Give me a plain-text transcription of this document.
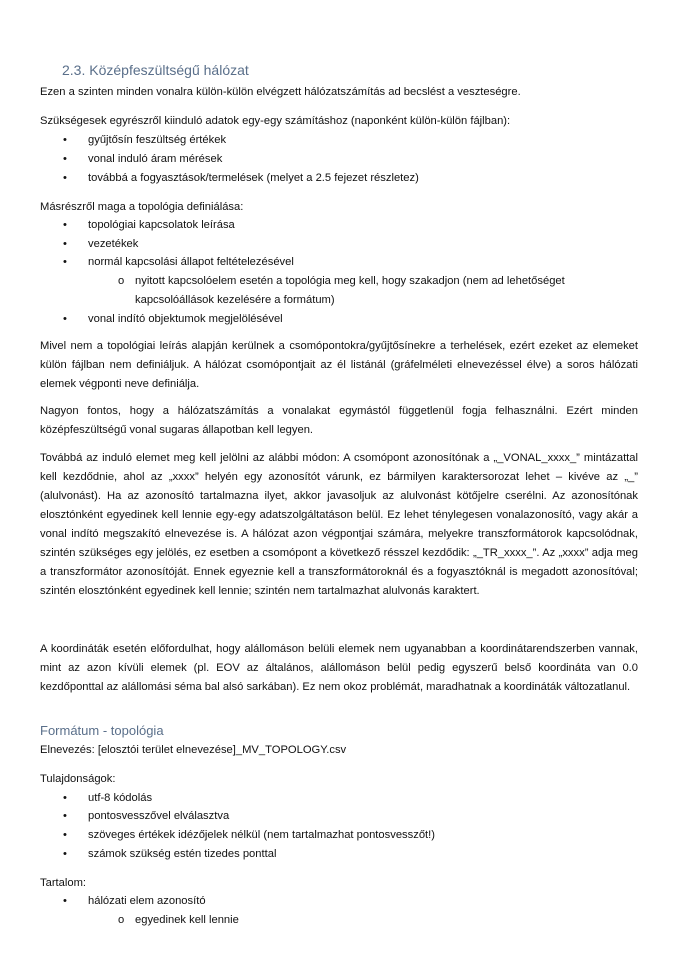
2.3. Középfeszültségű hálózat
Ezen a szinten minden vonalra külön-külön elvégzett hálózatszámítás ad becslést a veszteségre.
Szükségesek egyrészről kiinduló adatok egy-egy számításhoz (naponként külön-külön fájlban):
• gyűjtősín feszültség értékek
• vonal induló áram mérések
• továbbá a fogyasztások/termelések (melyet a 2.5 fejezet részletez)
Másrészről maga a topológia definiálása:
• topológiai kapcsolatok leírása
• vezetékek
• normál kapcsolási állapot feltételezésével
o nyitott kapcsolóelem esetén a topológia meg kell, hogy szakadjon (nem ad lehetőséget kapcsolóállások kezelésére a formátum)
• vonal indító objektumok megjelölésével
Mivel nem a topológiai leírás alapján kerülnek a csomópontokra/gyűjtősínekre a terhelések, ezért ezeket az elemeket külön fájlban nem definiáljuk. A hálózat csomópontjait az él listánál (gráfelméleti elnevezéssel élve) a soros hálózati elemek végponti neve definiálja.
Nagyon fontos, hogy a hálózatszámítás a vonalakat egymástól függetlenül fogja felhasználni. Ezért minden középfeszültségű vonal sugaras állapotban kell legyen.
Továbbá az induló elemet meg kell jelölni az alábbi módon: A csomópont azonosítónak a „_VONAL_xxxx_” mintázattal kell kezdődnie, ahol az „xxxx” helyén egy azonosítót várunk, ez bármilyen karaktersorozat lehet – kivéve az „_” (alulvonást). Ha az azonosító tartalmazna ilyet, akkor javasoljuk az alulvonást kötőjelre cserélni. Az azonosítónak elosztónként egyedinek kell lennie egy-egy adatszolgáltatáson belül. Ez lehet ténylegesen vonalazonosító, vagy akár a vonal indító megszakító elnevezése is. A hálózat azon végpontjai számára, melyekre transzformátorok kapcsolódnak, szintén szükséges egy jelölés, ez esetben a csomópont a következő résszel kezdődik: „_TR_xxxx_”. Az „xxxx” adja meg a transzformátor azonosítóját. Ennek egyeznie kell a transzformátoroknál és a fogyasztóknál is megadott azonosítóval; szintén elosztónként egyedinek kell lennie; szintén nem tartalmazhat alulvonás karaktert.
A koordináták esetén előfordulhat, hogy alállomáson belüli elemek nem ugyanabban a koordinátarendszerben vannak, mint az azon kívüli elemek (pl. EOV az általános, alállomáson belül pedig egyszerű belső koordináta van 0.0 kezdőponttal az alállomási séma bal alsó sarkában). Ez nem okoz problémát, maradhatnak a koordináták változatlanul.
Formátum - topológia
Elnevezés: [elosztói terület elnevezése]_MV_TOPOLOGY.csv
Tulajdonságok:
• utf-8 kódolás
• pontosvesszővel elválasztva
• szöveges értékek idézőjelek nélkül (nem tartalmazhat pontosvesszőt!)
• számok szükség estén tizedes ponttal
Tartalom:
• hálózati elem azonosító
o egyedinek kell lennie
